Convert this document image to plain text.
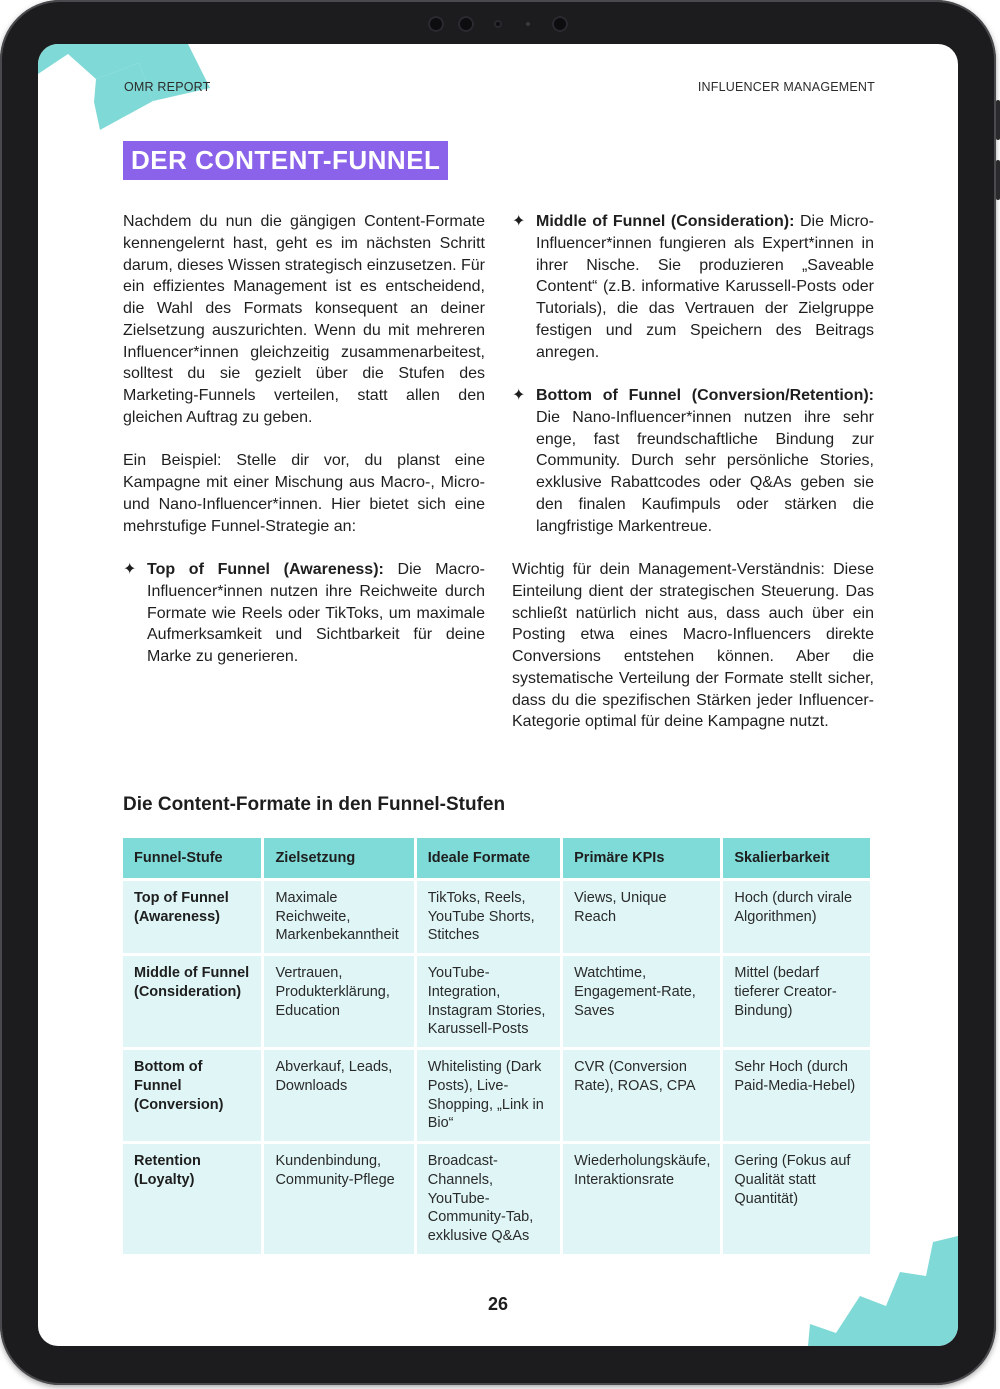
OMR REPORT	INFLUENCER MANAGEMENT
DER CONTENT-FUNNEL

Nachdem du nun die gängigen Content-Formate kennengelernt hast, geht es im nächsten Schritt darum, dieses Wissen strategisch einzusetzen. Für ein effizientes Management ist es entscheidend, die Wahl des Formats konsequent an deiner Zielsetzung auszurichten. Wenn du mit mehreren Influencer*innen gleichzeitig zusammenarbeitest, solltest du sie gezielt über die Stufen des Marketing-Funnels verteilen, statt allen den gleichen Auftrag zu geben.

Ein Beispiel: Stelle dir vor, du planst eine Kampagne mit einer Mischung aus Macro-, Micro- und Nano-Influencer*innen. Hier bietet sich eine mehrstufige Funnel-Strategie an:

✦ Top of Funnel (Awareness): Die Macro-Influencer*innen nutzen ihre Reichweite durch Formate wie Reels oder TikToks, um maximale Aufmerksamkeit und Sichtbarkeit für deine Marke zu generieren.
✦ Middle of Funnel (Consideration): Die Micro-Influencer*innen fungieren als Expert*innen in ihrer Nische. Sie produzieren „Saveable Content“ (z.B. informative Karussell-Posts oder Tutorials), die das Vertrauen der Zielgruppe festigen und zum Speichern des Beitrags anregen.
✦ Bottom of Funnel (Conversion/Retention): Die Nano-Influencer*innen nutzen ihre sehr enge, fast freundschaftliche Bindung zur Community. Durch sehr persönliche Stories, exklusive Rabattcodes oder Q&As geben sie den finalen Kaufimpuls oder stärken die langfristige Markentreue.

Wichtig für dein Management-Verständnis: Diese Einteilung dient der strategischen Steuerung. Das schließt natürlich nicht aus, dass auch über ein Posting etwa eines Macro-Influencers direkte Conversions entstehen können. Aber die systematische Verteilung der Formate stellt sicher, dass du die spezifischen Stärken jeder Influencer-Kategorie optimal für deine Kampagne nutzt.

Die Content-Formate in den Funnel-Stufen
Funnel-Stufe	Zielsetzung	Ideale Formate	Primäre KPIs	Skalierbarkeit
Top of Funnel (Awareness)	Maximale Reichweite, Markenbekanntheit	TikToks, Reels, YouTube Shorts, Stitches	Views, Unique Reach	Hoch (durch virale Algorithmen)
Middle of Funnel (Consideration)	Vertrauen, Produkterklärung, Education	YouTube-Integration, Instagram Stories, Karussell-Posts	Watchtime, Engagement-Rate, Saves	Mittel (bedarf tieferer Creator-Bindung)
Bottom of Funnel (Conversion)	Abverkauf, Leads, Downloads	Whitelisting (Dark Posts), Live-Shopping, „Link in Bio“	CVR (Conversion Rate), ROAS, CPA	Sehr Hoch (durch Paid-Media-Hebel)
Retention (Loyalty)	Kundenbindung, Community-Pflege	Broadcast-Channels, YouTube-Community-Tab, exklusive Q&As	Wiederholungskäufe, Interaktionsrate	Gering (Fokus auf Qualität statt Quantität)
26
